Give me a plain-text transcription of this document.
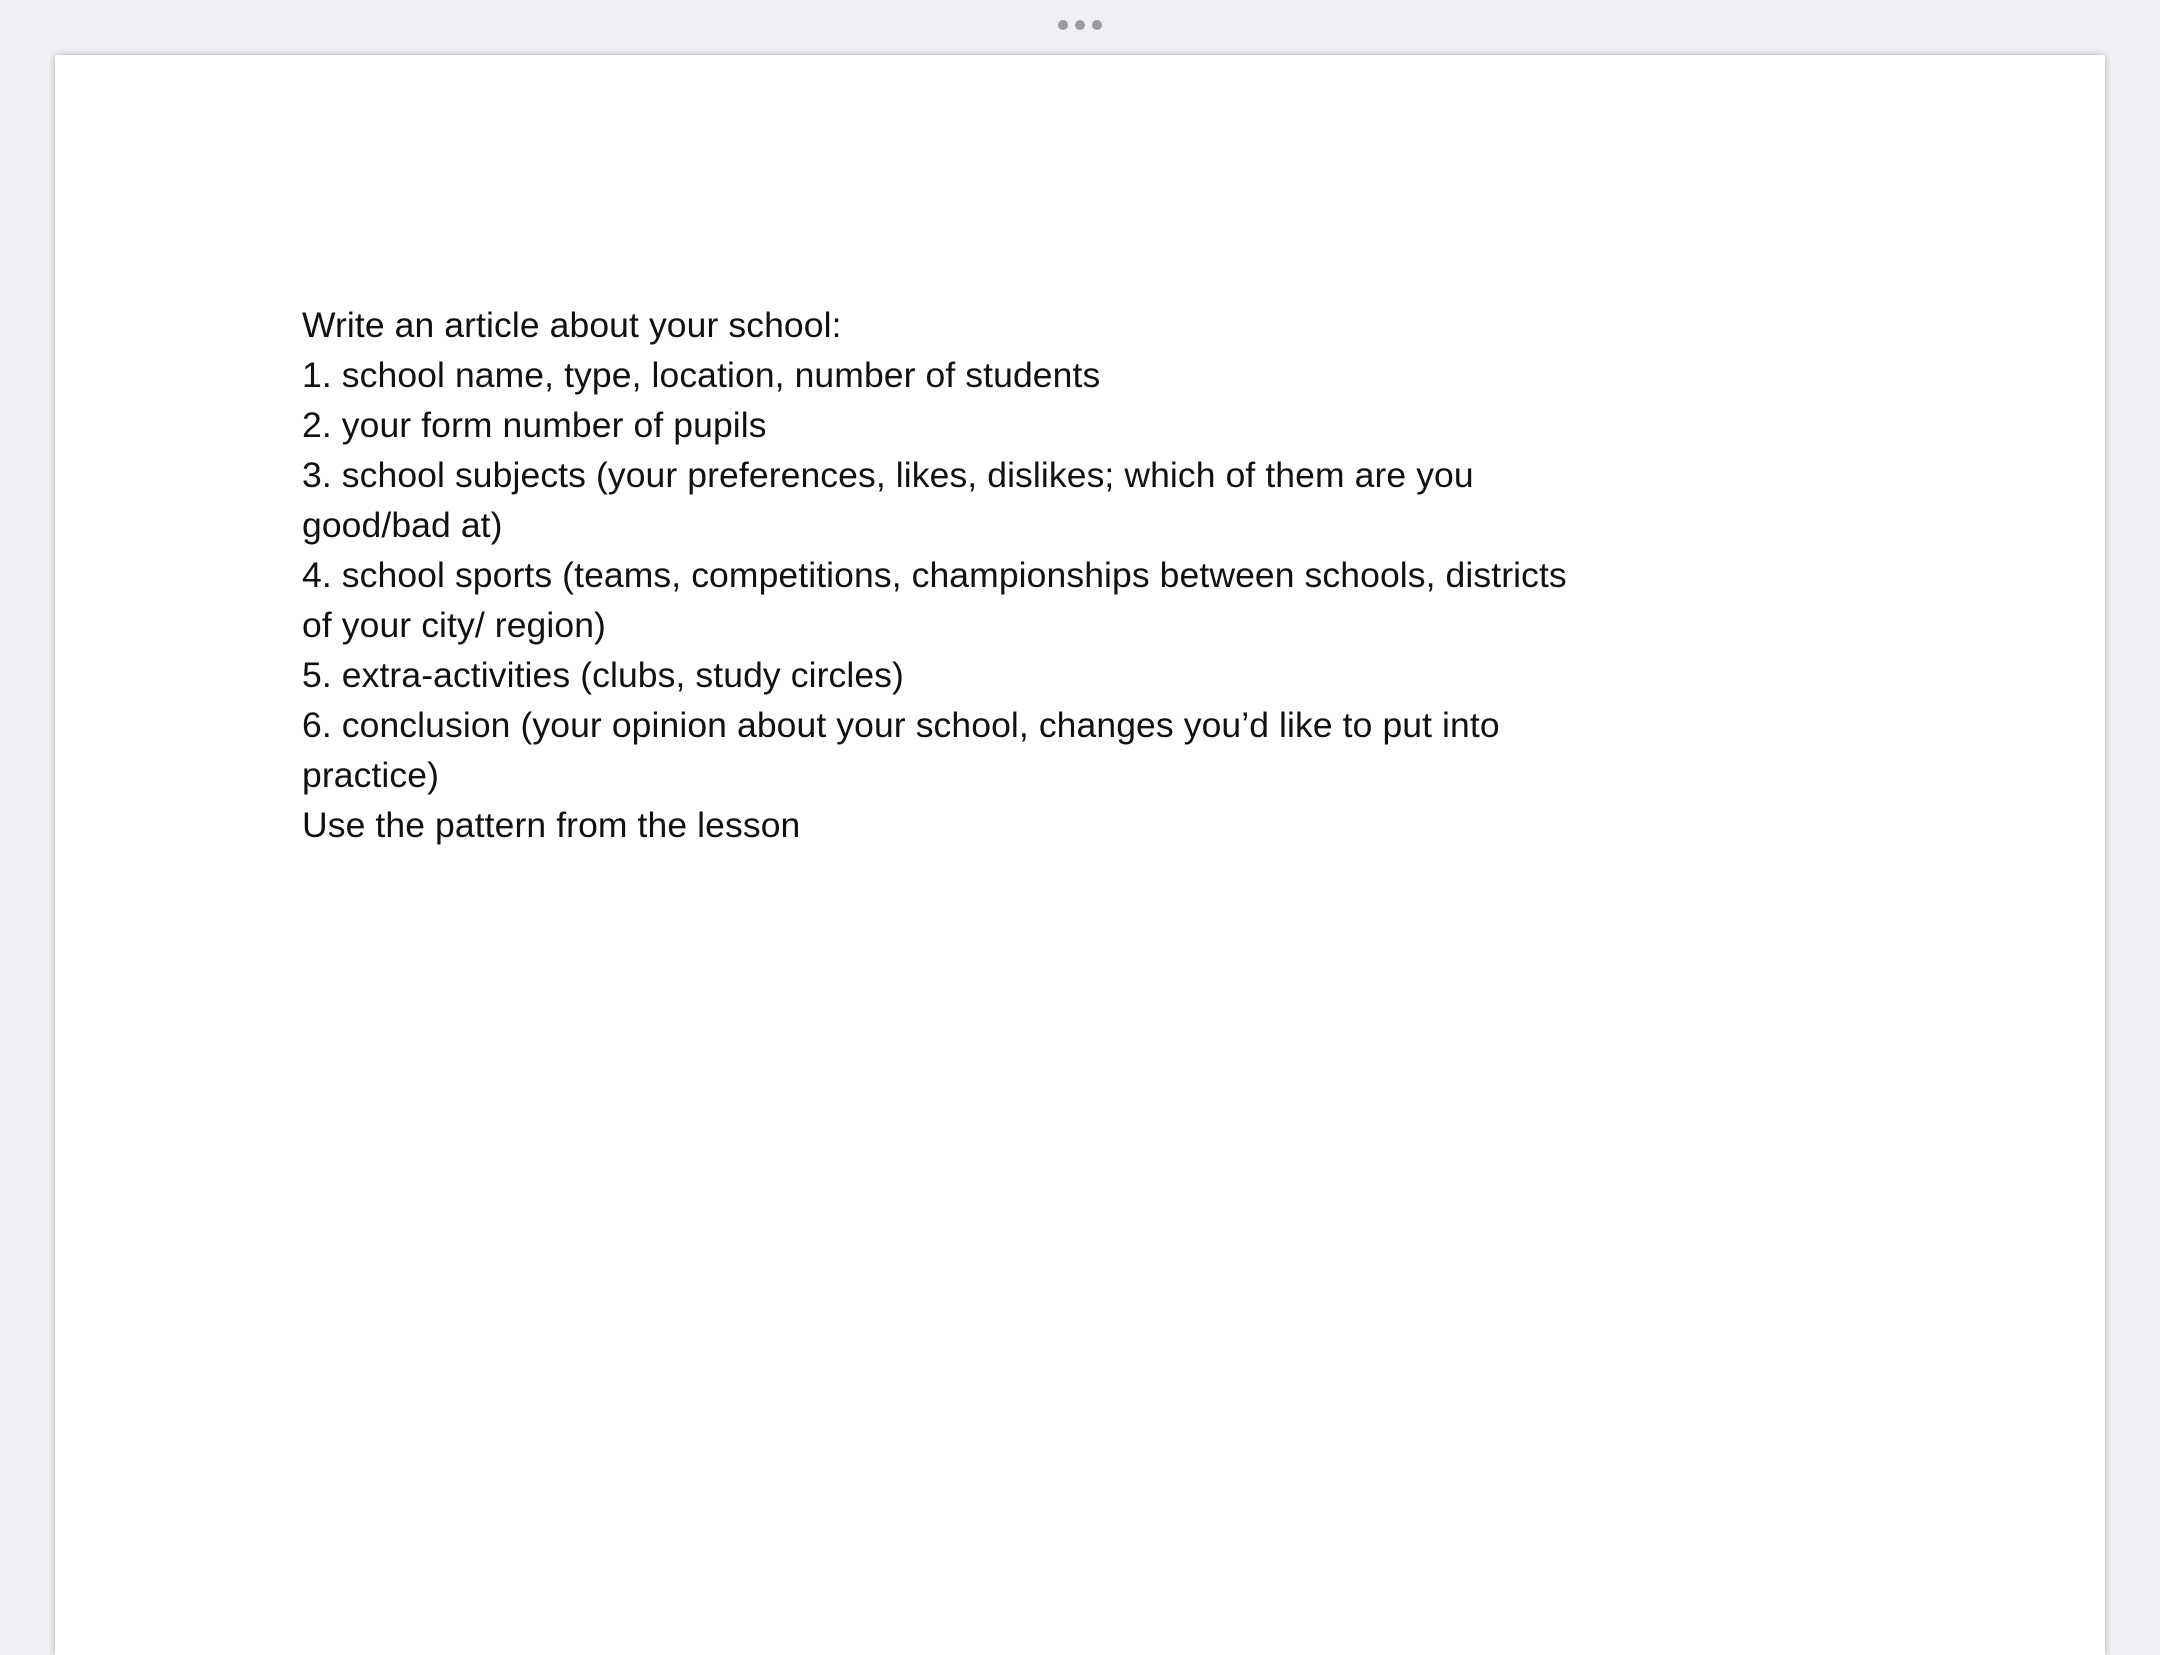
Write an article about your school:
1. school name, type, location, number of students
2. your form number of pupils
3. school subjects (your preferences, likes, dislikes; which of them are you
good/bad at)
4. school sports (teams, competitions, championships between schools, districts
of your city/ region)
5. extra-activities (clubs, study circles)
6. conclusion (your opinion about your school, changes you’d like to put into
practice)
Use the pattern from the lesson
